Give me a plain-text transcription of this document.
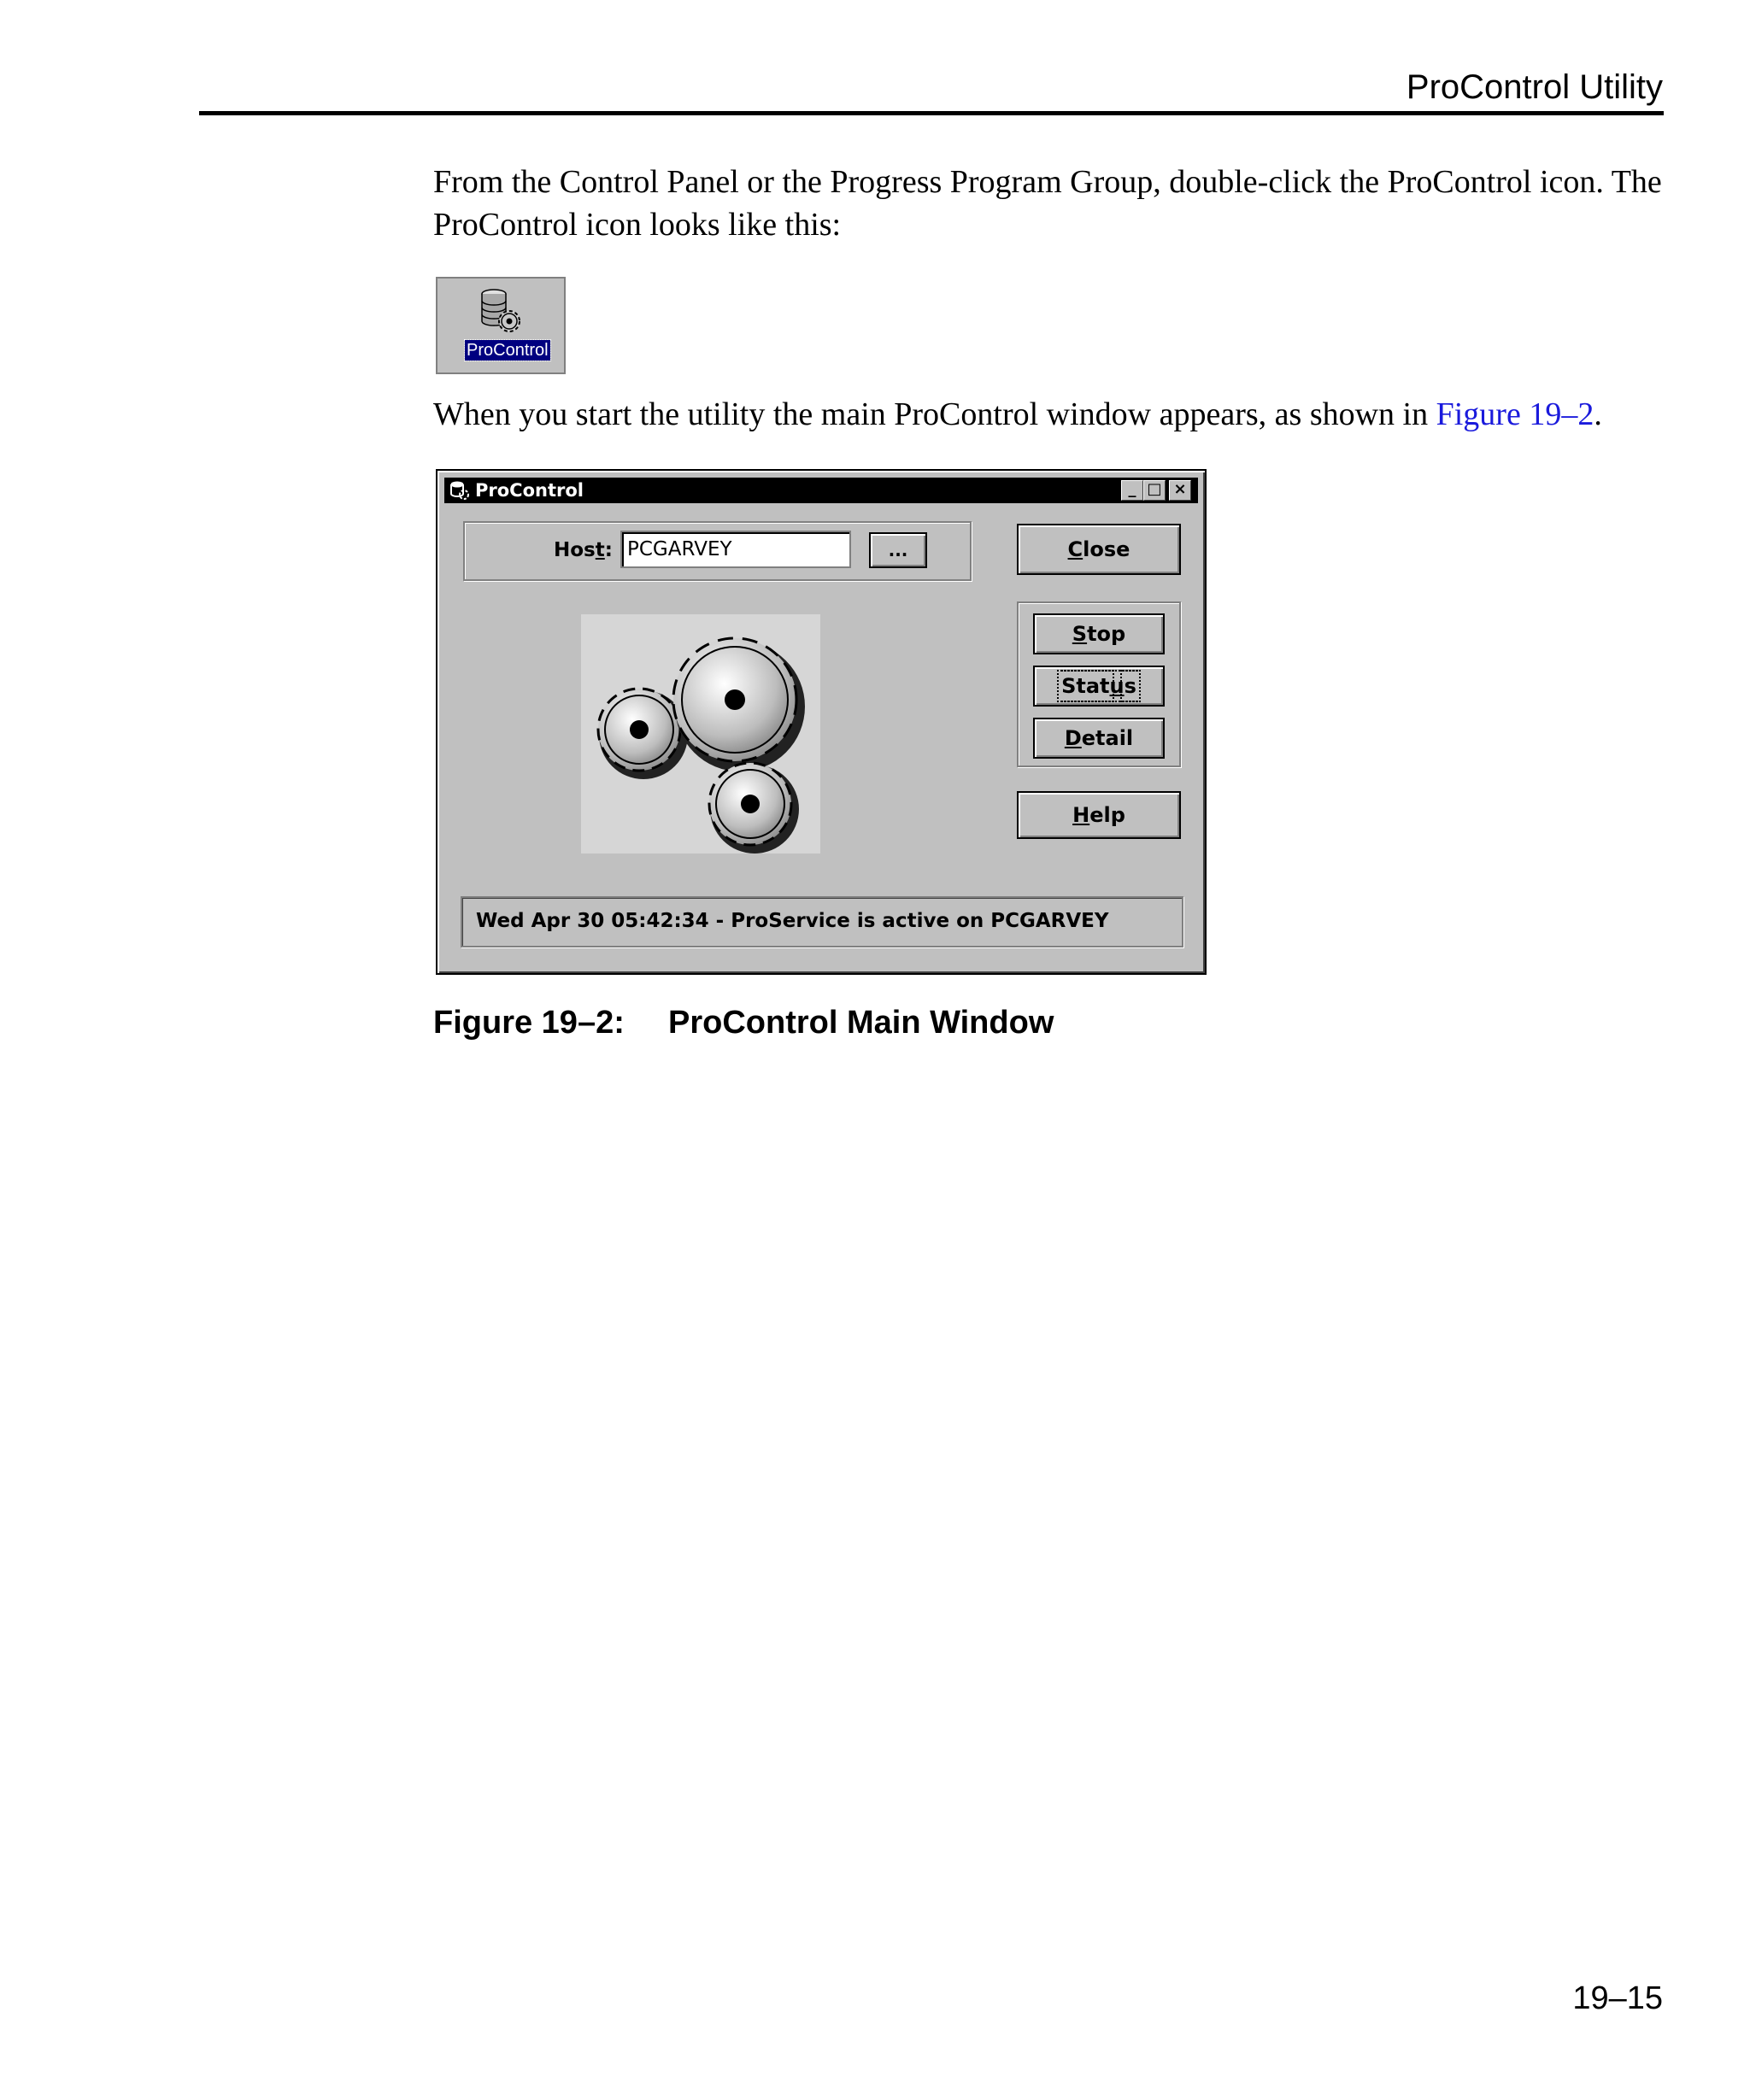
ProControl Utility
From the Control Panel or the Progress Program Group, double-click the ProControl icon. The ProControl icon looks like this:
ProControl
When you start the utility the main ProControl window appears, as shown in Figure 19–2.
ProControl	_ □ ×
Host:
PCGARVEY	...	Close
Stop
Status
Detail
Help
Wed Apr 30 05:42:34 - ProService is active on PCGARVEY
Figure 19–2: ProControl Main Window
19–15
